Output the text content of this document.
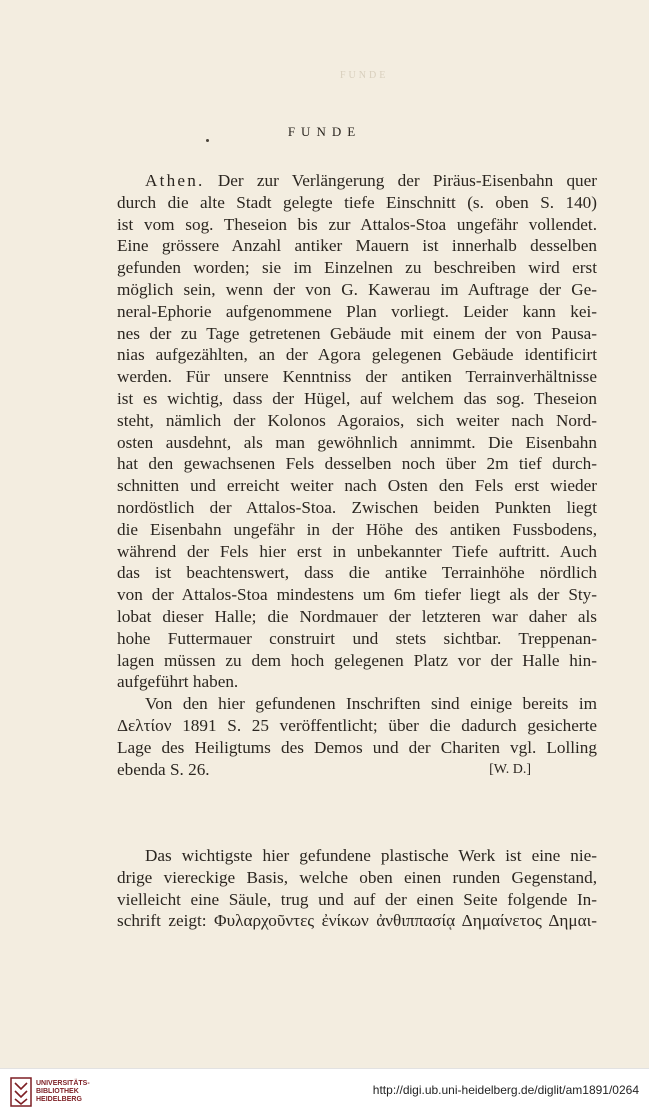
FUNDE
FUNDE
Athen. Der zur Verlängerung der Piräus-Eisenbahn quer
durch die alte Stadt gelegte tiefe Einschnitt (s. oben S. 140)
ist vom sog. Theseion bis zur Attalos-Stoa ungefähr vollendet.
Eine grössere Anzahl antiker Mauern ist innerhalb desselben
gefunden worden; sie im Einzelnen zu beschreiben wird erst
möglich sein, wenn der von G. Kawerau im Auftrage der Ge-
neral-Ephorie aufgenommene Plan vorliegt. Leider kann kei-
nes der zu Tage getretenen Gebäude mit einem der von Pausa-
nias aufgezählten, an der Agora gelegenen Gebäude identificirt
werden. Für unsere Kenntniss der antiken Terrainverhältnisse
ist es wichtig, dass der Hügel, auf welchem das sog. Theseion
steht, nämlich der Kolonos Agoraios, sich weiter nach Nord-
osten ausdehnt, als man gewöhnlich annimmt. Die Eisenbahn
hat den gewachsenen Fels desselben noch über 2m tief durch-
schnitten und erreicht weiter nach Osten den Fels erst wieder
nordöstlich der Attalos-Stoa. Zwischen beiden Punkten liegt
die Eisenbahn ungefähr in der Höhe des antiken Fussbodens,
während der Fels hier erst in unbekannter Tiefe auftritt. Auch
das ist beachtenswert, dass die antike Terrainhöhe nördlich
von der Attalos-Stoa mindestens um 6m tiefer liegt als der Sty-
lobat dieser Halle; die Nordmauer der letzteren war daher als
hohe Futtermauer construirt und stets sichtbar. Treppenan-
lagen müssen zu dem hoch gelegenen Platz vor der Halle hin-
aufgeführt haben.
Von den hier gefundenen Inschriften sind einige bereits im
Δελτίον 1891 S. 25 veröffentlicht; über die dadurch gesicherte
Lage des Heiligtums des Demos und der Chariten vgl. Lolling
ebenda S. 26.	[W. D.]
Das wichtigste hier gefundene plastische Werk ist eine nie-
drige viereckige Basis, welche oben einen runden Gegenstand,
vielleicht eine Säule, trug und auf der einen Seite folgende In-
schrift zeigt: Φυλαρχοῦντες ἐνίκων ἀνθιππασίᾳ Δημαίνετος Δημαι-
UNIVERSITÄTS-
BIBLIOTHEK
HEIDELBERG
http://digi.ub.uni-heidelberg.de/diglit/am1891/0264
